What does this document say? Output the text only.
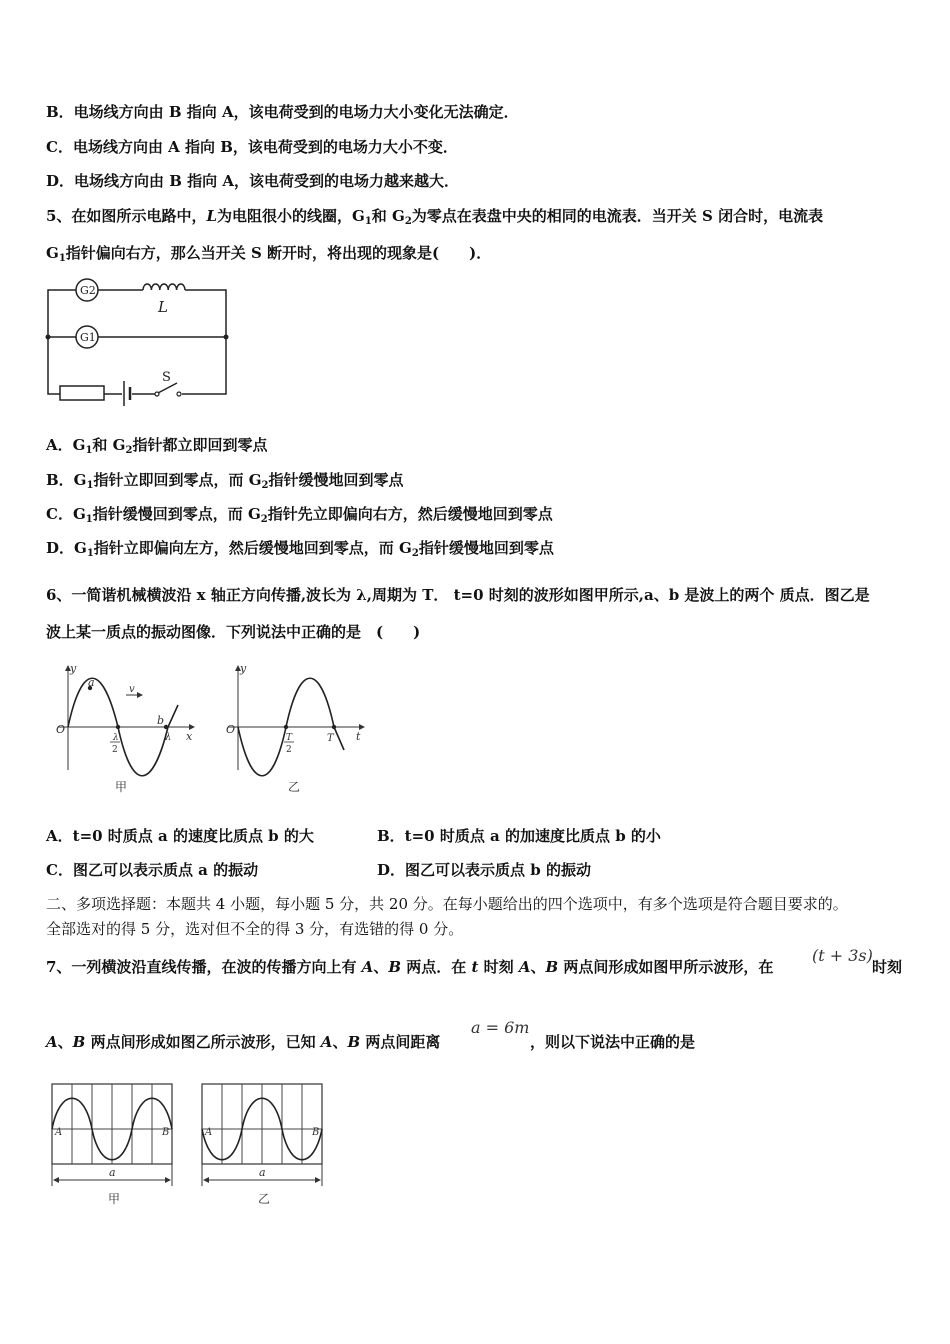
B．电场线方向由 B 指向 A，该电荷受到的电场力大小变化无法确定．
C．电场线方向由 A 指向 B，该电荷受到的电场力大小不变．
D．电场线方向由 B 指向 A，该电荷受到的电场力越来越大．
5、在如图所示电路中，L为电阻很小的线圈，$G_1$和 $G_2$为零点在表盘中央的相同的电流表．当开关 S 闭合时，电流表
$G_1$指针偏向右方，那么当开关 S 断开时，将出现的现象是(　　)．
G2
L
G1
S
A．$G_1$和 $G_2$指针都立即回到零点
B．$G_1$指针立即回到零点，而 $G_2$指针缓慢地回到零点
C．$G_1$指针缓慢回到零点，而 $G_2$指针先立即偏向右方，然后缓慢地回到零点
D．$G_1$指针立即偏向左方，然后缓慢地回到零点，而 $G_2$指针缓慢地回到零点
6、一简谐机械横波沿 x 轴正方向传播,波长为 λ,周期为 T． t=0 时刻的波形如图甲所示,a、b 是波上的两个 质点．图乙是
波上某一质点的振动图像．下列说法中正确的是　(　　)
y
O
a
v
b
λ x
λ
2
甲
y
O
T t
T
2
乙
A．t=0 时质点 a 的速度比质点 b 的大	B．t=0 时质点 a 的加速度比质点 b 的小
C．图乙可以表示质点 a 的振动	D．图乙可以表示质点 b 的振动
二、多项选择题：本题共 4 小题，每小题 5 分，共 20 分。在每小题给出的四个选项中，有多个选项是符合题目要求的。
全部选对的得 5 分，选对但不全的得 3 分，有选错的得 0 分。
7、一列横波沿直线传播，在波的传播方向上有 A、B 两点．在 t 时刻 A、B 两点间形成如图甲所示波形，在
(t + 3s)
时刻
A、B 两点间形成如图乙所示波形，已知 A、B 两点间距离
a = 6m
，则以下说法中正确的是
A	B
a
甲
A	B
a
乙
